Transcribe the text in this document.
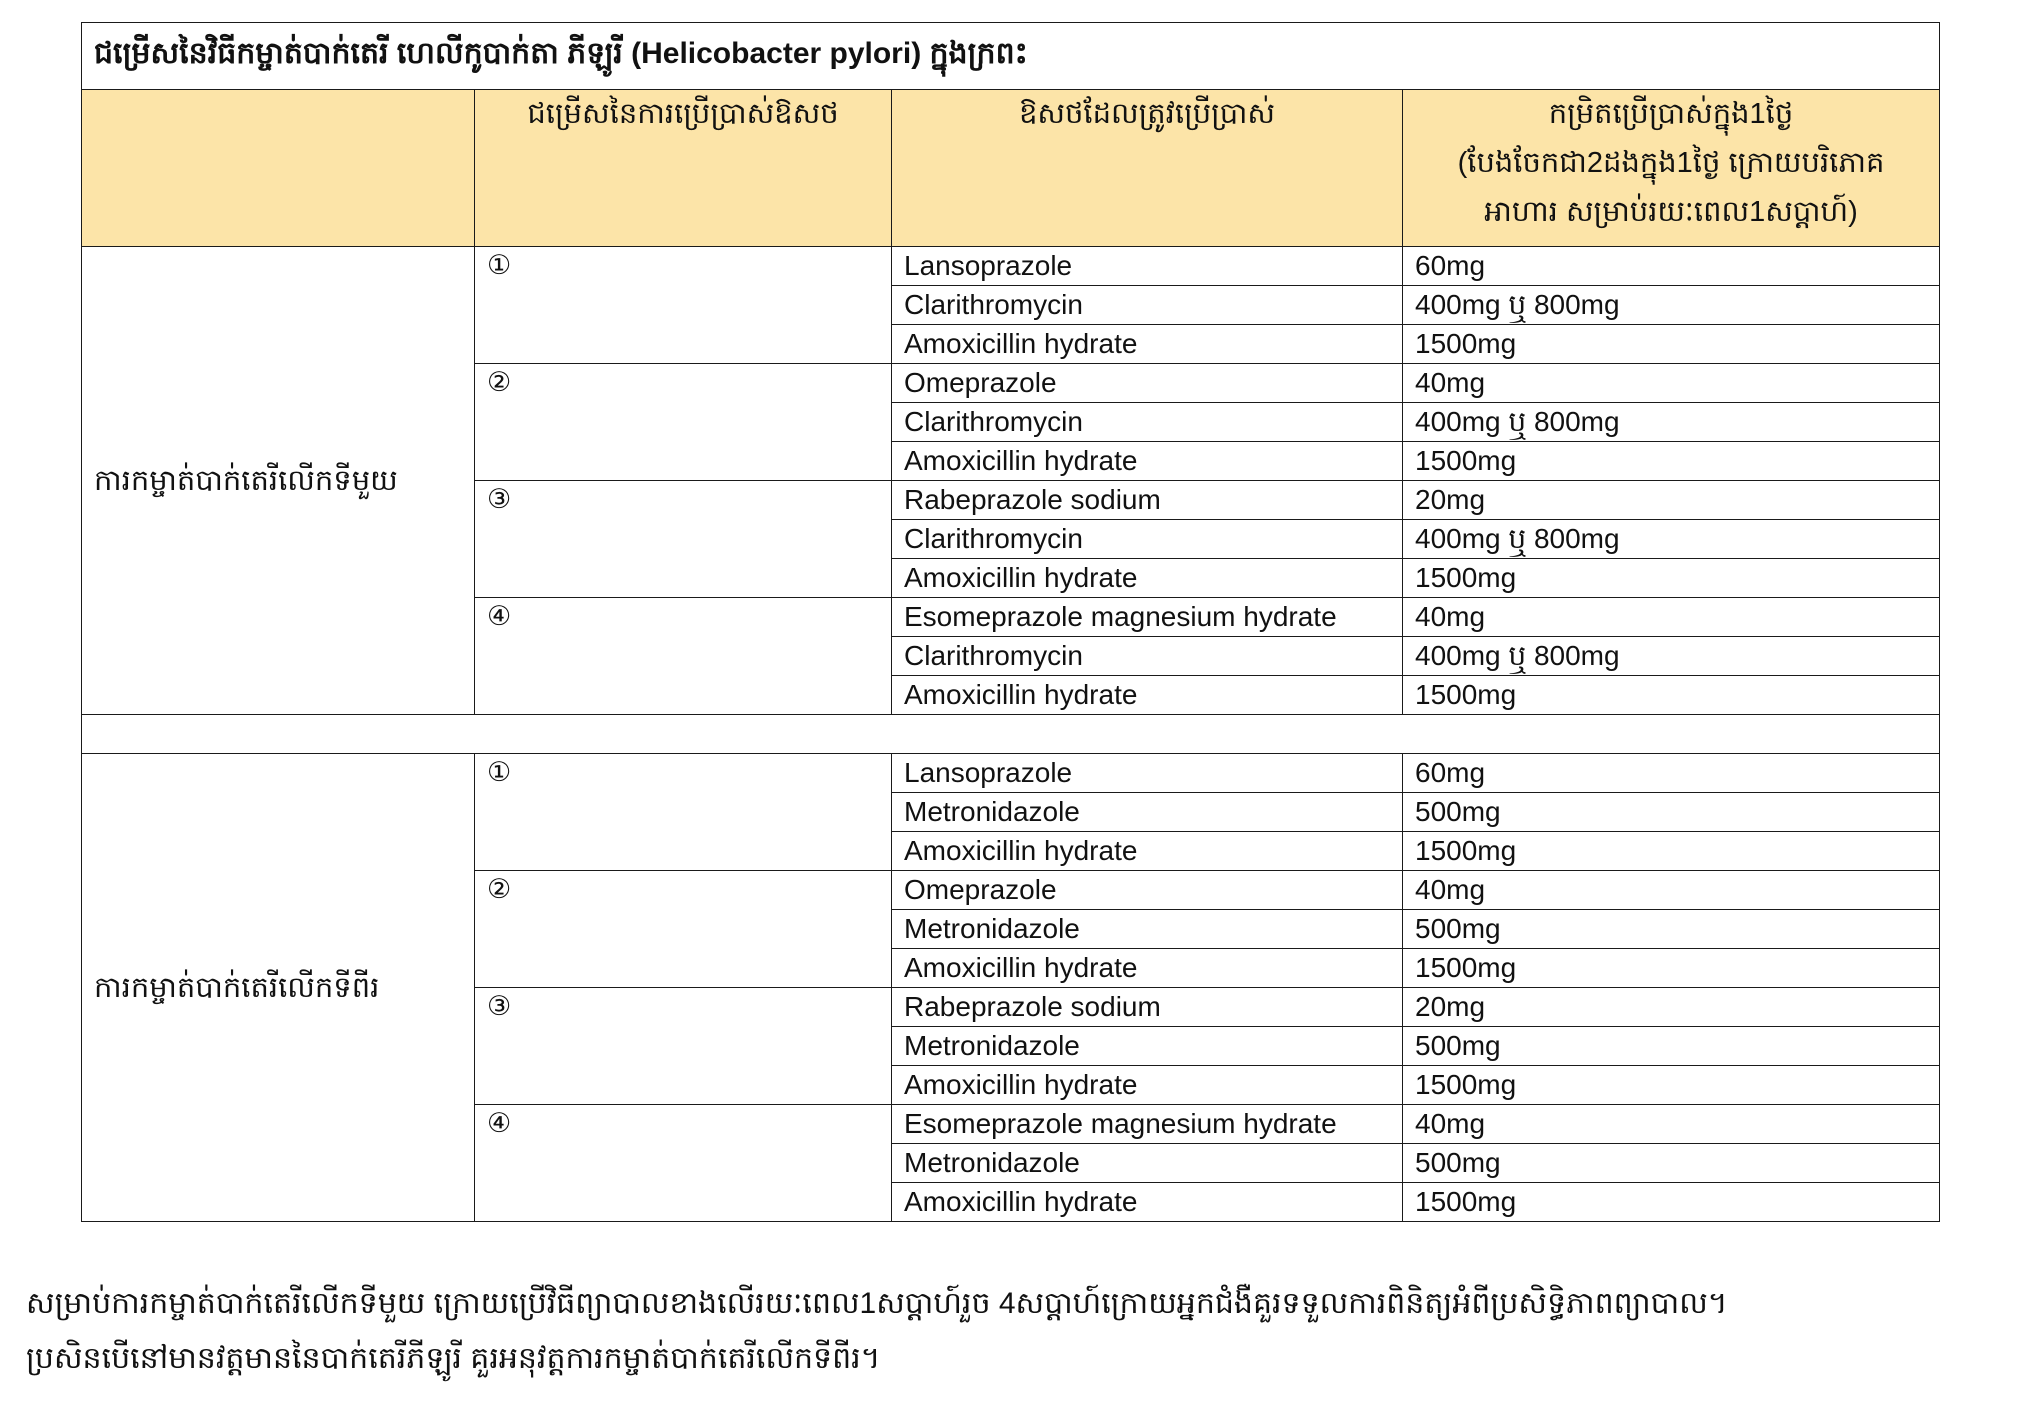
ជម្រើសនៃវិធីកម្ចាត់បាក់តេរី ហេលីកូបាក់តា ភីឡូរី (Helicobacter pylori) ក្នុងក្រពះ			

	ជម្រើសនៃការប្រើប្រាស់ឱសថ	ឱសថដែលត្រូវប្រើប្រាស់	កម្រិតប្រើប្រាស់ក្នុង1ថ្ងៃ
(បែងចែកជា2ដងក្នុង1ថ្ងៃ ក្រោយបរិភោគ
អាហារ សម្រាប់រយៈពេល1សប្តាហ៍)

ការកម្ចាត់បាក់តេរីលើកទីមួយ	①	Lansoprazole	60mg
		Clarithromycin	400mg ឬ 800mg
		Amoxicillin hydrate	1500mg
	②	Omeprazole	40mg
		Clarithromycin	400mg ឬ 800mg
		Amoxicillin hydrate	1500mg
	③	Rabeprazole sodium	20mg
		Clarithromycin	400mg ឬ 800mg
		Amoxicillin hydrate	1500mg
	④	Esomeprazole magnesium hydrate	40mg
		Clarithromycin	400mg ឬ 800mg
		Amoxicillin hydrate	1500mg

ការកម្ចាត់បាក់តេរីលើកទីពីរ	①	Lansoprazole	60mg
		Metronidazole	500mg
		Amoxicillin hydrate	1500mg
	②	Omeprazole	40mg
		Metronidazole	500mg
		Amoxicillin hydrate	1500mg
	③	Rabeprazole sodium	20mg
		Metronidazole	500mg
		Amoxicillin hydrate	1500mg
	④	Esomeprazole magnesium hydrate	40mg
		Metronidazole	500mg
		Amoxicillin hydrate	1500mg
សម្រាប់ការកម្ចាត់បាក់តេរីលើកទីមួយ ក្រោយប្រើវិធីព្យាបាលខាងលើរយៈពេល1សប្តាហ៍រួច 4សប្តាហ៍ក្រោយអ្នកជំងឺគួរទទួលការពិនិត្យអំពីប្រសិទ្ធិភាពព្យាបាល។
ប្រសិនបើនៅមានវត្តមាននៃបាក់តេរីភីឡូរី គួរអនុវត្តការកម្ចាត់បាក់តេរីលើកទីពីរ។
